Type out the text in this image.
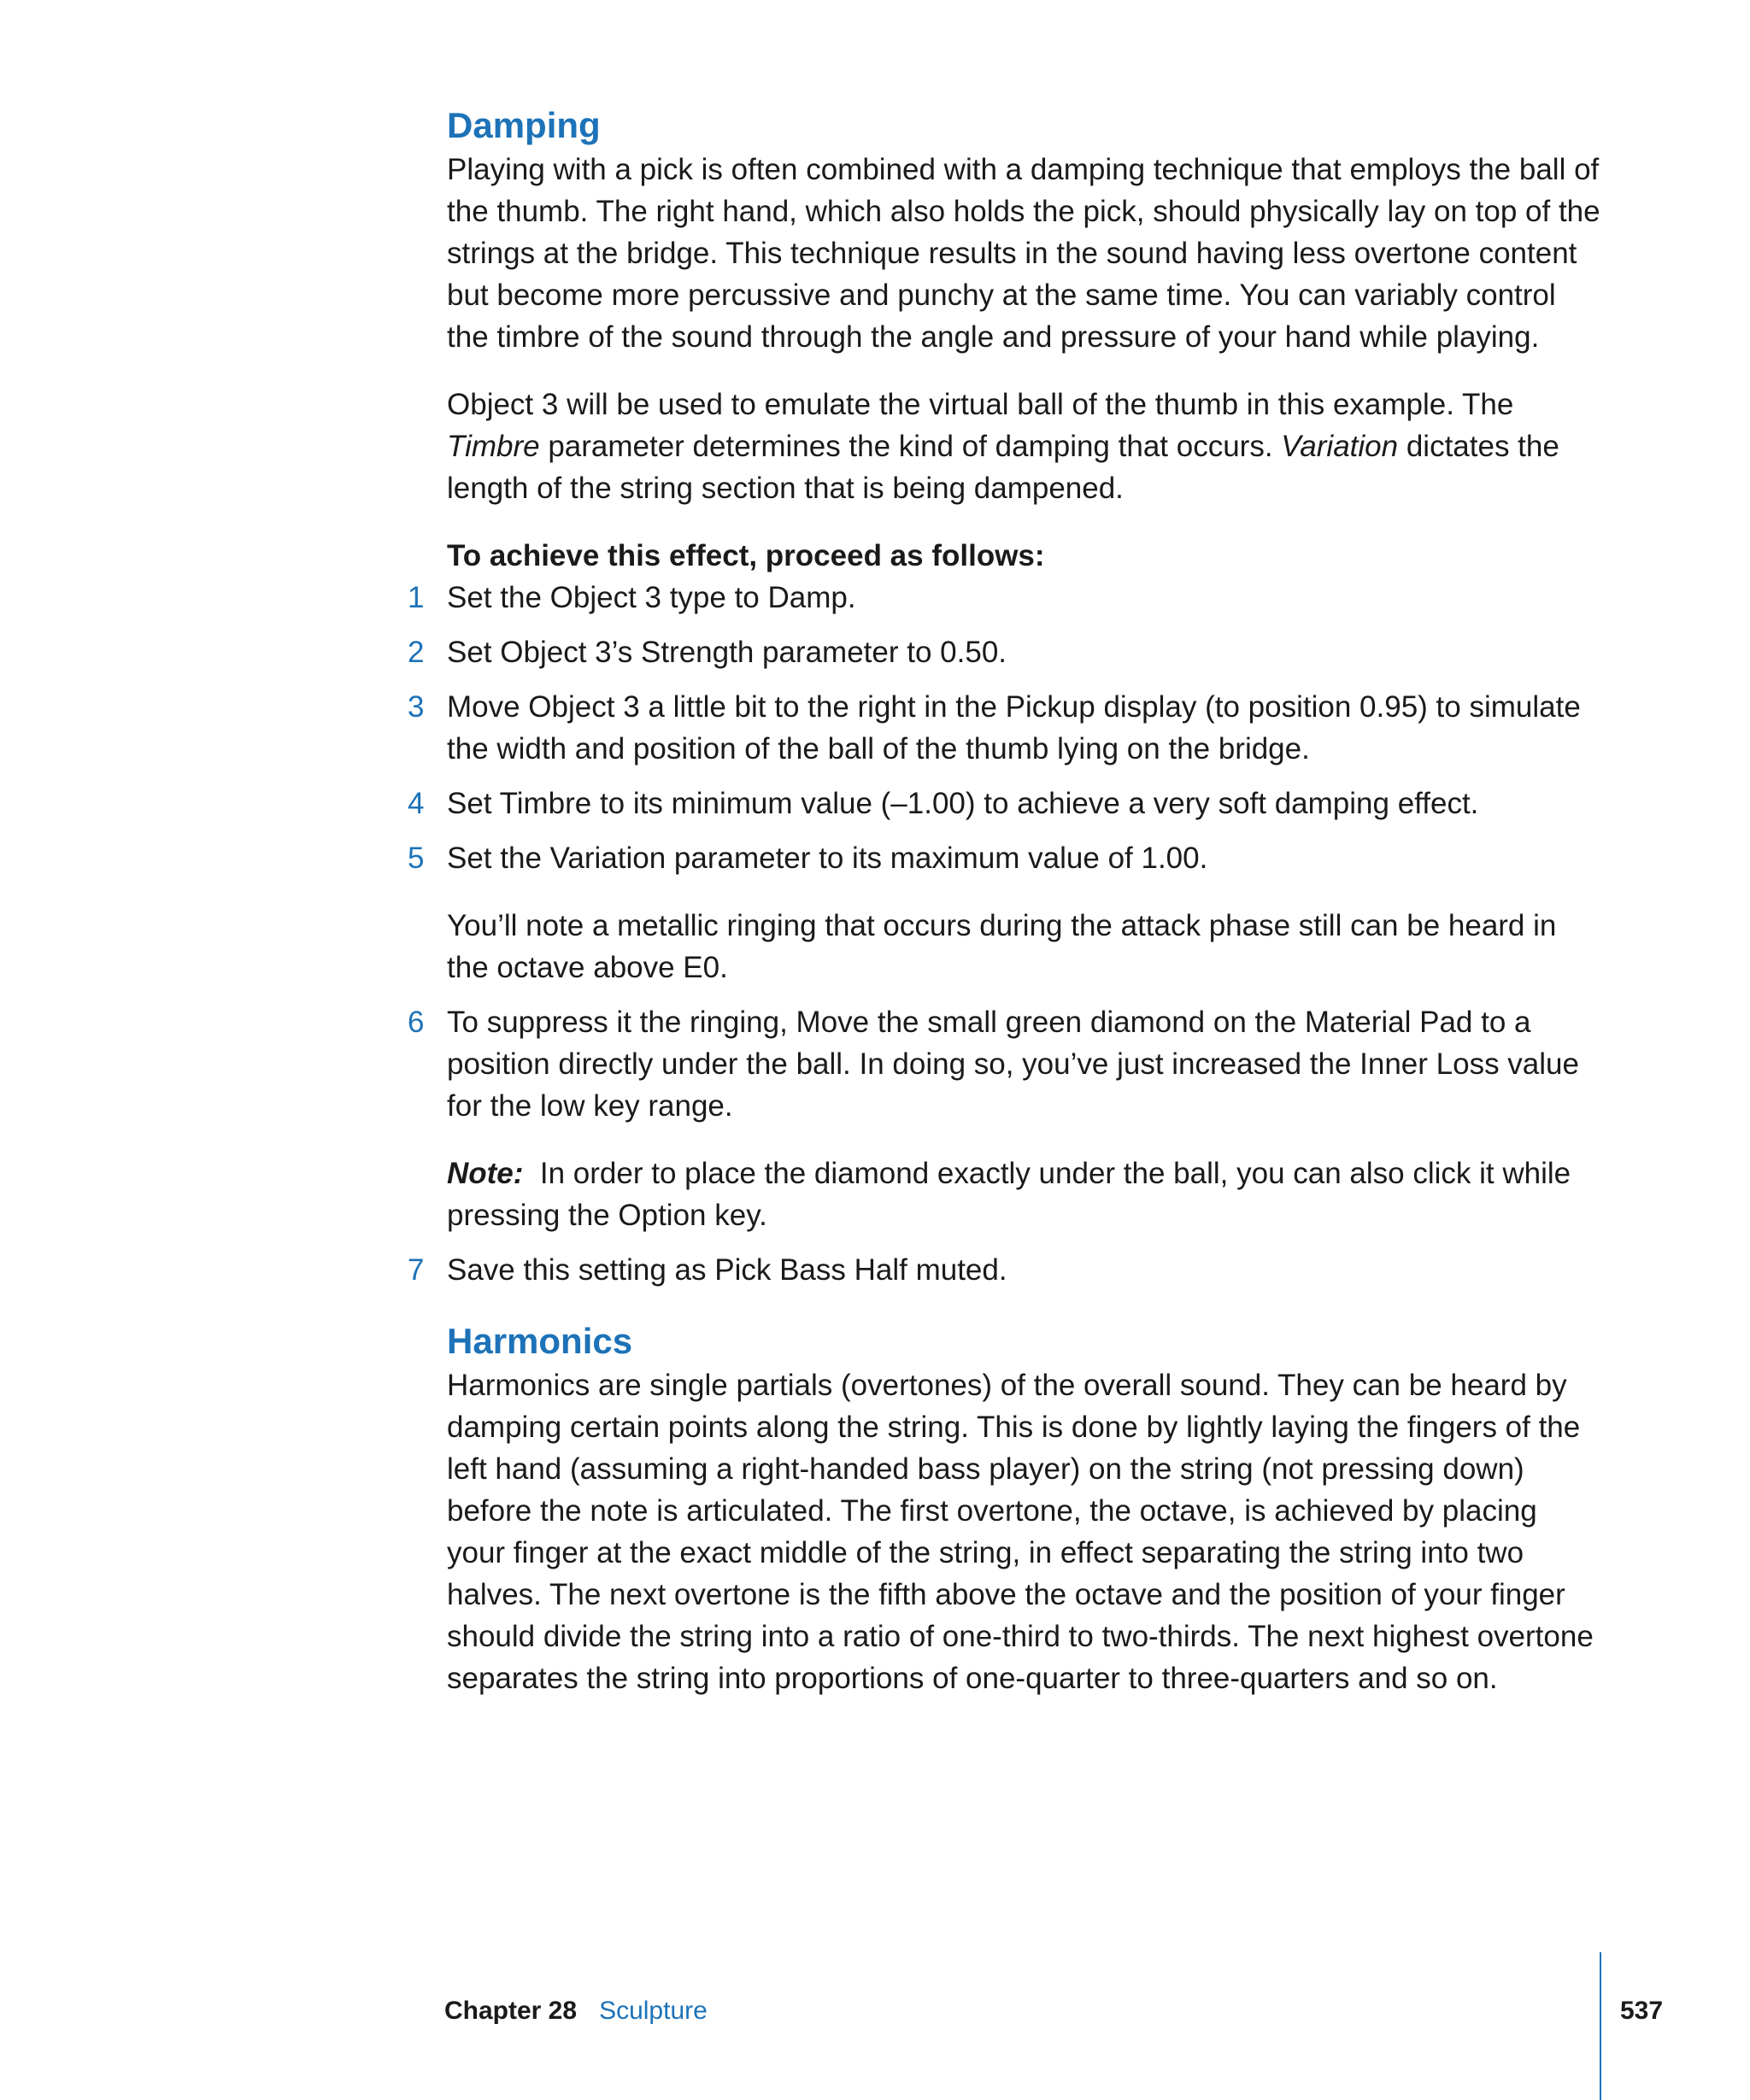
Damping

Playing with a pick is often combined with a damping technique that employs the ball of the thumb. The right hand, which also holds the pick, should physically lay on top of the strings at the bridge. This technique results in the sound having less overtone content but become more percussive and punchy at the same time. You can variably control the timbre of the sound through the angle and pressure of your hand while playing.

Object 3 will be used to emulate the virtual ball of the thumb in this example. The Timbre parameter determines the kind of damping that occurs. Variation dictates the length of the string section that is being dampened.

To achieve this effect, proceed as follows:
1 Set the Object 3 type to Damp.
2 Set Object 3’s Strength parameter to 0.50.
3 Move Object 3 a little bit to the right in the Pickup display (to position 0.95) to simulate the width and position of the ball of the thumb lying on the bridge.
4 Set Timbre to its minimum value (–1.00) to achieve a very soft damping effect.
5 Set the Variation parameter to its maximum value of 1.00.

You’ll note a metallic ringing that occurs during the attack phase still can be heard in the octave above E0.

6 To suppress it the ringing, Move the small green diamond on the Material Pad to a position directly under the ball. In doing so, you’ve just increased the Inner Loss value for the low key range.

Note:  In order to place the diamond exactly under the ball, you can also click it while pressing the Option key.

7 Save this setting as Pick Bass Half muted.
Harmonics

Harmonics are single partials (overtones) of the overall sound. They can be heard by damping certain points along the string. This is done by lightly laying the fingers of the left hand (assuming a right-handed bass player) on the string (not pressing down) before the note is articulated. The first overtone, the octave, is achieved by placing your finger at the exact middle of the string, in effect separating the string into two halves. The next overtone is the fifth above the octave and the position of your finger should divide the string into a ratio of one-third to two-thirds. The next highest overtone separates the string into proportions of one-quarter to three-quarters and so on.

Chapter 28 Sculpture	537
